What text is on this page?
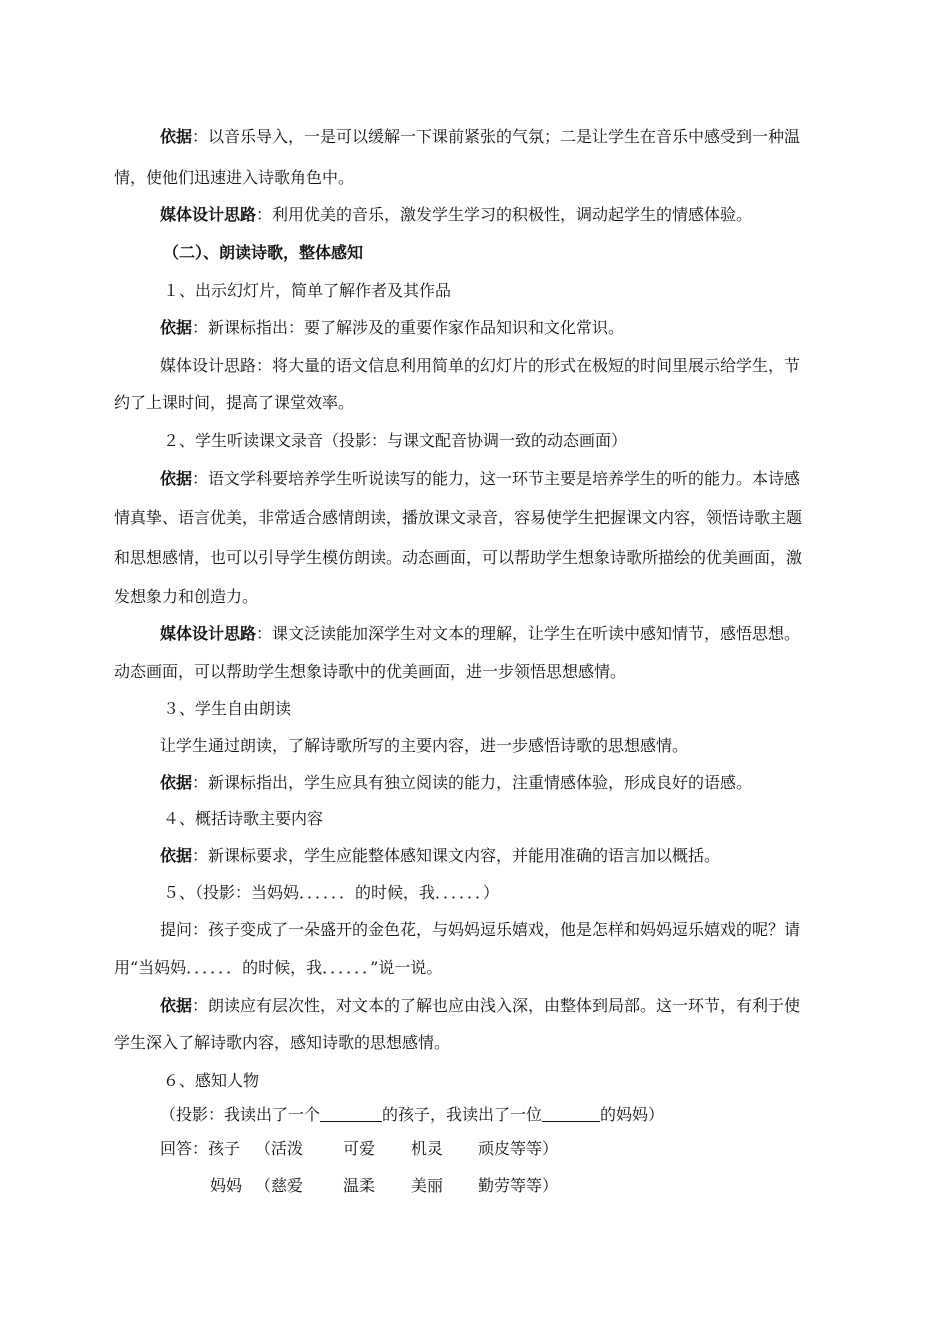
依据：以音乐导入，一是可以缓解一下课前紧张的气氛；二是让学生在音乐中感受到一种温
情，使他们迅速进入诗歌角色中。
媒体设计思路：利用优美的音乐，激发学生学习的积极性，调动起学生的情感体验。
（二）、朗读诗歌，整体感知
１、出示幻灯片，简单了解作者及其作品
依据：新课标指出：要了解涉及的重要作家作品知识和文化常识。
媒体设计思路：将大量的语文信息利用简单的幻灯片的形式在极短的时间里展示给学生，节
约了上课时间，提高了课堂效率。
２、学生听读课文录音（投影：与课文配音协调一致的动态画面）
依据：语文学科要培养学生听说读写的能力，这一环节主要是培养学生的听的能力。本诗感
情真挚、语言优美，非常适合感情朗读，播放课文录音，容易使学生把握课文内容，领悟诗歌主题
和思想感情，也可以引导学生模仿朗读。动态画面，可以帮助学生想象诗歌所描绘的优美画面，激
发想象力和创造力。
媒体设计思路：课文泛读能加深学生对文本的理解，让学生在听读中感知情节，感悟思想。
动态画面，可以帮助学生想象诗歌中的优美画面，进一步领悟思想感情。
３、学生自由朗读
让学生通过朗读，了解诗歌所写的主要内容，进一步感悟诗歌的思想感情。
依据：新课标指出，学生应具有独立阅读的能力，注重情感体验，形成良好的语感。
４、概括诗歌主要内容
依据：新课标要求，学生应能整体感知课文内容，并能用准确的语言加以概括。
５、（投影：当妈妈．．．．．．的时候，我．．．．．．）
提问：孩子变成了一朵盛开的金色花，与妈妈逗乐嬉戏，他是怎样和妈妈逗乐嬉戏的呢？请
用“当妈妈．．．．．．的时候，我．．．．．．”说一说。
依据：朗读应有层次性，对文本的了解也应由浅入深，由整体到局部。这一环节，有利于使
学生深入了解诗歌内容，感知诗歌的思想感情。
６、感知人物
（投影：我读出了一个	的孩子，我读出了一位	的妈妈）
回答：孩子 （活泼 可爱 机灵 顽皮等等）
妈妈 （慈爱 温柔 美丽 勤劳等等）
